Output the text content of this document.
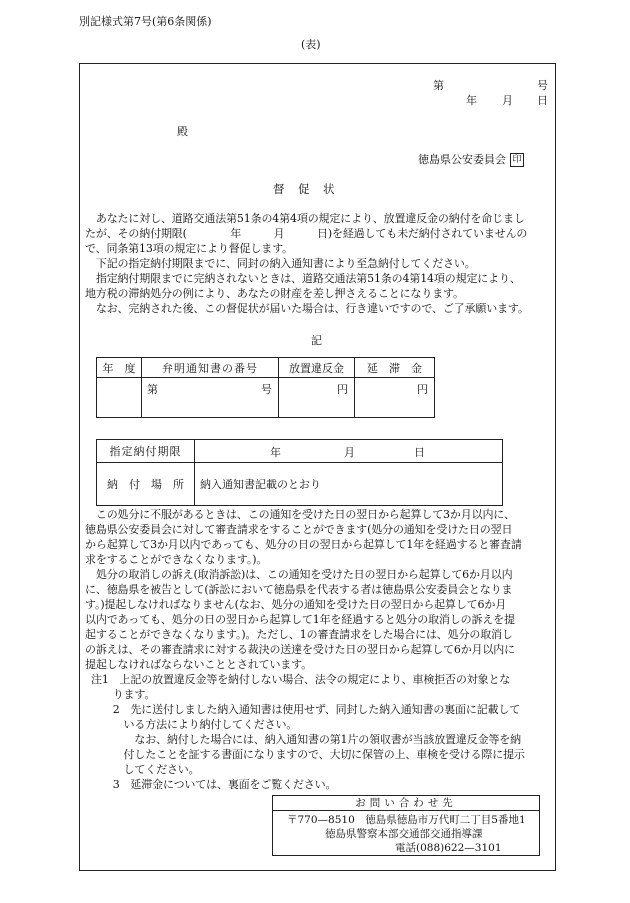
別記様式第7号(第6条関係)
(表)
第	号
年 月 日
殿
徳島県公安委員会 印
督　促　状
　あなたに対し、道路交通法第51条の4第4項の規定により、放置違反金の納付を命じまし
たが、その納付期限(　　　　年　　　月　　　日)を経過しても未だ納付されていませんの
で、同条第13項の規定により督促します。
　下記の指定納付期限までに、同封の納入通知書により至急納付してください。
　指定納付期限までに完納されないときは、道路交通法第51条の4第14項の規定により、
地方税の滞納処分の例により、あなたの財産を差し押さえることになります。
　なお、完納された後、この督促状が届いた場合は、行き違いですので、ご了承願います。
記
年　度	弁明通知書の番号	放置違反金	延　滞　金

	第 号	円	円
指定納付期限	年 月 日

納　付　場　所	納入通知書記載のとおり
　この処分に不服があるときは、この通知を受けた日の翌日から起算して3か月以内に、
徳島県公安委員会に対して審査請求をすることができます(処分の通知を受けた日の翌日
から起算して3か月以内であっても、処分の日の翌日から起算して1年を経過すると審査請
求をすることができなくなります。)。
　処分の取消しの訴え(取消訴訟)は、この通知を受けた日の翌日から起算して6か月以内
に、徳島県を被告として(訴訟において徳島県を代表する者は徳島県公安委員会となりま
す。)提起しなければなりません(なお、処分の通知を受けた日の翌日から起算して6か月
以内であっても、処分の日の翌日から起算して1年を経過すると処分の取消しの訴えを提
起することができなくなります。)。ただし、1の審査請求をした場合には、処分の取消し
の訴えは、その審査請求に対する裁決の送達を受けた日の翌日から起算して6か月以内に
提起しなければならないこととされています。
注1　上記の放置違反金等を納付しない場合、法令の規定により、車検拒否の対象とな
　　ります。
　　2　先に送付しました納入通知書は使用せず、同封した納入通知書の裏面に記載して
　　　いる方法により納付してください。
　　　　なお、納付した場合には、納入通知書の第1片の領収書が当該放置違反金等を納
　　　付したことを証する書面になりますので、大切に保管の上、車検を受ける際に提示
　　　してください。
　　3　延滞金については、裏面をご覧ください。
お問い合わせ先
〒770—8510　徳島県徳島市万代町二丁目5番地1
徳島県警察本部交通部交通指導課
電話(088)622—3101
